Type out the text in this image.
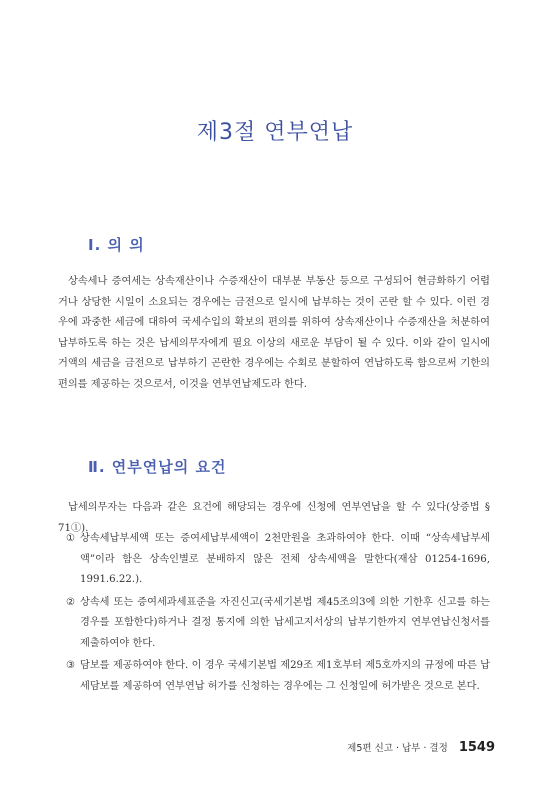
제3절 연부연납
Ⅰ. 의 의

상속세나 증여세는 상속재산이나 수증재산이 대부분 부동산 등으로 구성되어 현금화하기 어렵거나 상당한 시일이 소요되는 경우에는 금전으로 일시에 납부하는 것이 곤란 할 수 있다. 이런 경우에 과중한 세금에 대하여 국세수입의 확보의 편의를 위하여 상속재산이나 수증재산을 처분하여 납부하도록 하는 것은 납세의무자에게 필요 이상의 새로운 부담이 될 수 있다. 이와 같이 일시에 거액의 세금을 금전으로 납부하기 곤란한 경우에는 수회로 분할하여 연납하도록 함으로써 기한의 편의를 제공하는 것으로서, 이것을 연부연납제도라 한다.

Ⅱ. 연부연납의 요건

납세의무자는 다음과 같은 요건에 해당되는 경우에 신청에 연부연납을 할 수 있다(상증법 § 71①).

① 상속세납부세액 또는 증여세납부세액이 2천만원을 초과하여야 한다. 이때 “상속세납부세액”이라 함은 상속인별로 분배하지 않은 전체 상속세액을 말한다(재삼 01254-1696, 1991.6.22.).
② 상속세 또는 증여세과세표준을 자진신고(국세기본법 제45조의3에 의한 기한후 신고를 하는 경우를 포함한다)하거나 결정 통지에 의한 납세고지서상의 납부기한까지 연부연납신청서를 제출하여야 한다.
③ 담보를 제공하여야 한다. 이 경우 국세기본법 제29조 제1호부터 제5호까지의 규정에 따른 납세담보를 제공하여 연부연납 허가를 신청하는 경우에는 그 신청일에 허가받은 것으로 본다.
제5편 신고 · 납부 · 결정 1549
